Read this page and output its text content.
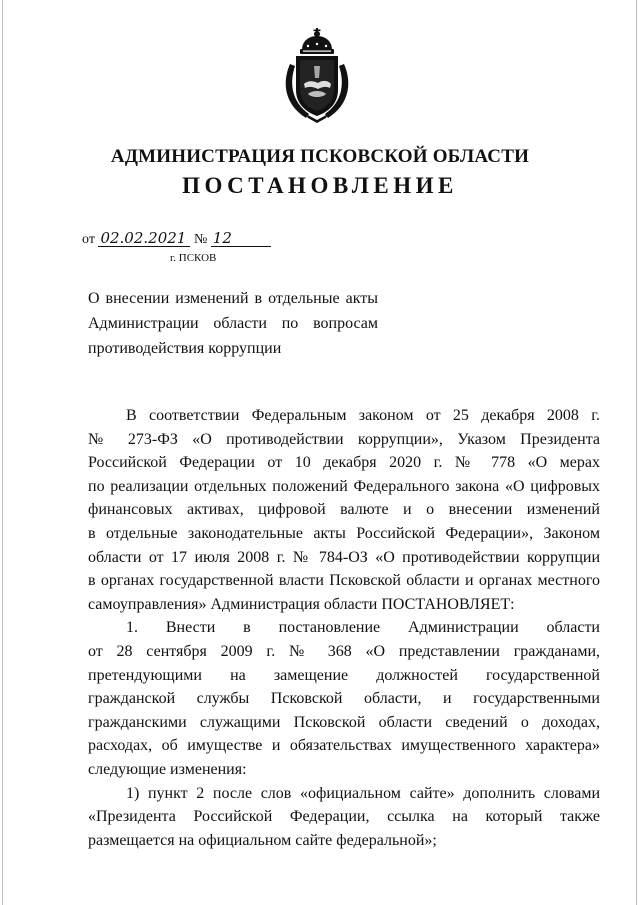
АДМИНИСТРАЦИЯ ПСКОВСКОЙ ОБЛАСТИ
ПОСТАНОВЛЕНИЕ
от 02.02.2021 № 12
г. ПСКОВ
О внесении изменений в отдельные акты
Администрации области по вопросам
противодействия коррупции
В соответствии Федеральным законом от 25 декабря 2008 г.
№ 273-ФЗ «О противодействии коррупции», Указом Президента
Российской Федерации от 10 декабря 2020 г. № 778 «О мерах
по реализации отдельных положений Федерального закона «О цифровых
финансовых активах, цифровой валюте и о внесении изменений
в отдельные законодательные акты Российской Федерации», Законом
области от 17 июля 2008 г. № 784-ОЗ «О противодействии коррупции
в органах государственной власти Псковской области и органах местного
самоуправления» Администрация области ПОСТАНОВЛЯЕТ:
1. Внести в постановление Администрации области
от 28 сентября 2009 г. № 368 «О представлении гражданами,
претендующими на замещение должностей государственной
гражданской службы Псковской области, и государственными
гражданскими служащими Псковской области сведений о доходах,
расходах, об имуществе и обязательствах имущественного характера»
следующие изменения:
1) пункт 2 после слов «официальном сайте» дополнить словами
«Президента Российской Федерации, ссылка на который также
размещается на официальном сайте федеральной»;
